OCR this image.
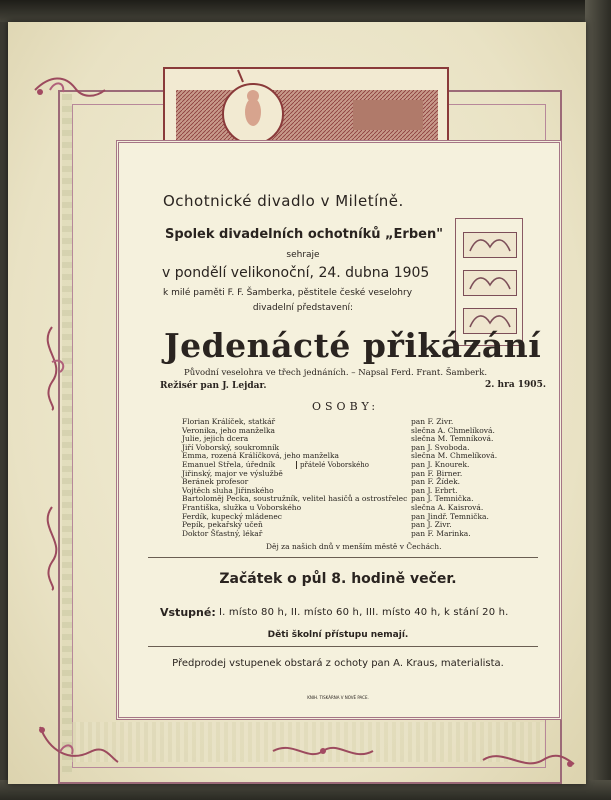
Ochotnické divadlo v Miletíně.
Spolek divadelních ochotníků „Erben"
sehraje
v pondělí velikonoční, 24. dubna 1905
k milé paměti F. F. Šamberka, pěstitele české veselohry
divadelní představení:
Jedenácté přikázání
Původní veselohra ve třech jednáních. – Napsal Ferd. Frant. Šamberk.
Režisér pan J. Lejdar.	2. hra 1905.
OSOBY:
Florian Králíček, statkář
Veronika, jeho manželka
Julie, jejich dcera
Jiří Voborský, soukromník
Emma, rozená Králíčková, jeho manželka
Emanuel Střela, úředník
Jiřinský, major ve výslužbě
Beránek profesor
Vojtěch sluha Jiřinského
Bartoloměj Pecka, soustružník, velitel hasičů a ostrostřelec
Františka, služka u Voborského
Ferdík, kupecký mládenec
Pepík, pekařský učeň
Doktor Šťastný, lékař
pan F. Zivr.
slečna A. Chmelíková.
slečna M. Temníková.
pan J. Svoboda.
slečna M. Chmelíková.
pan J. Knourek.
pan F. Birner.
pan F. Žídek.
pan J. Erbrt.
pan J. Temnička.
slečna A. Kaisrová.
pan Jindř. Temnička.
pan J. Zivr.
pan F. Marinka.
přátelé Voborského
Děj za našich dnů v menším městě v Čechách.
Začátek o půl 8. hodině večer.
Vstupné: I. místo 80 h, II. místo 60 h, III. místo 40 h, k stání 20 h.
Děti školní přístupu nemají.
Předprodej vstupenek obstará z ochoty pan A. Kraus, materialista.
KNIH. TISKÁRNA V NOVÉ PACE.
